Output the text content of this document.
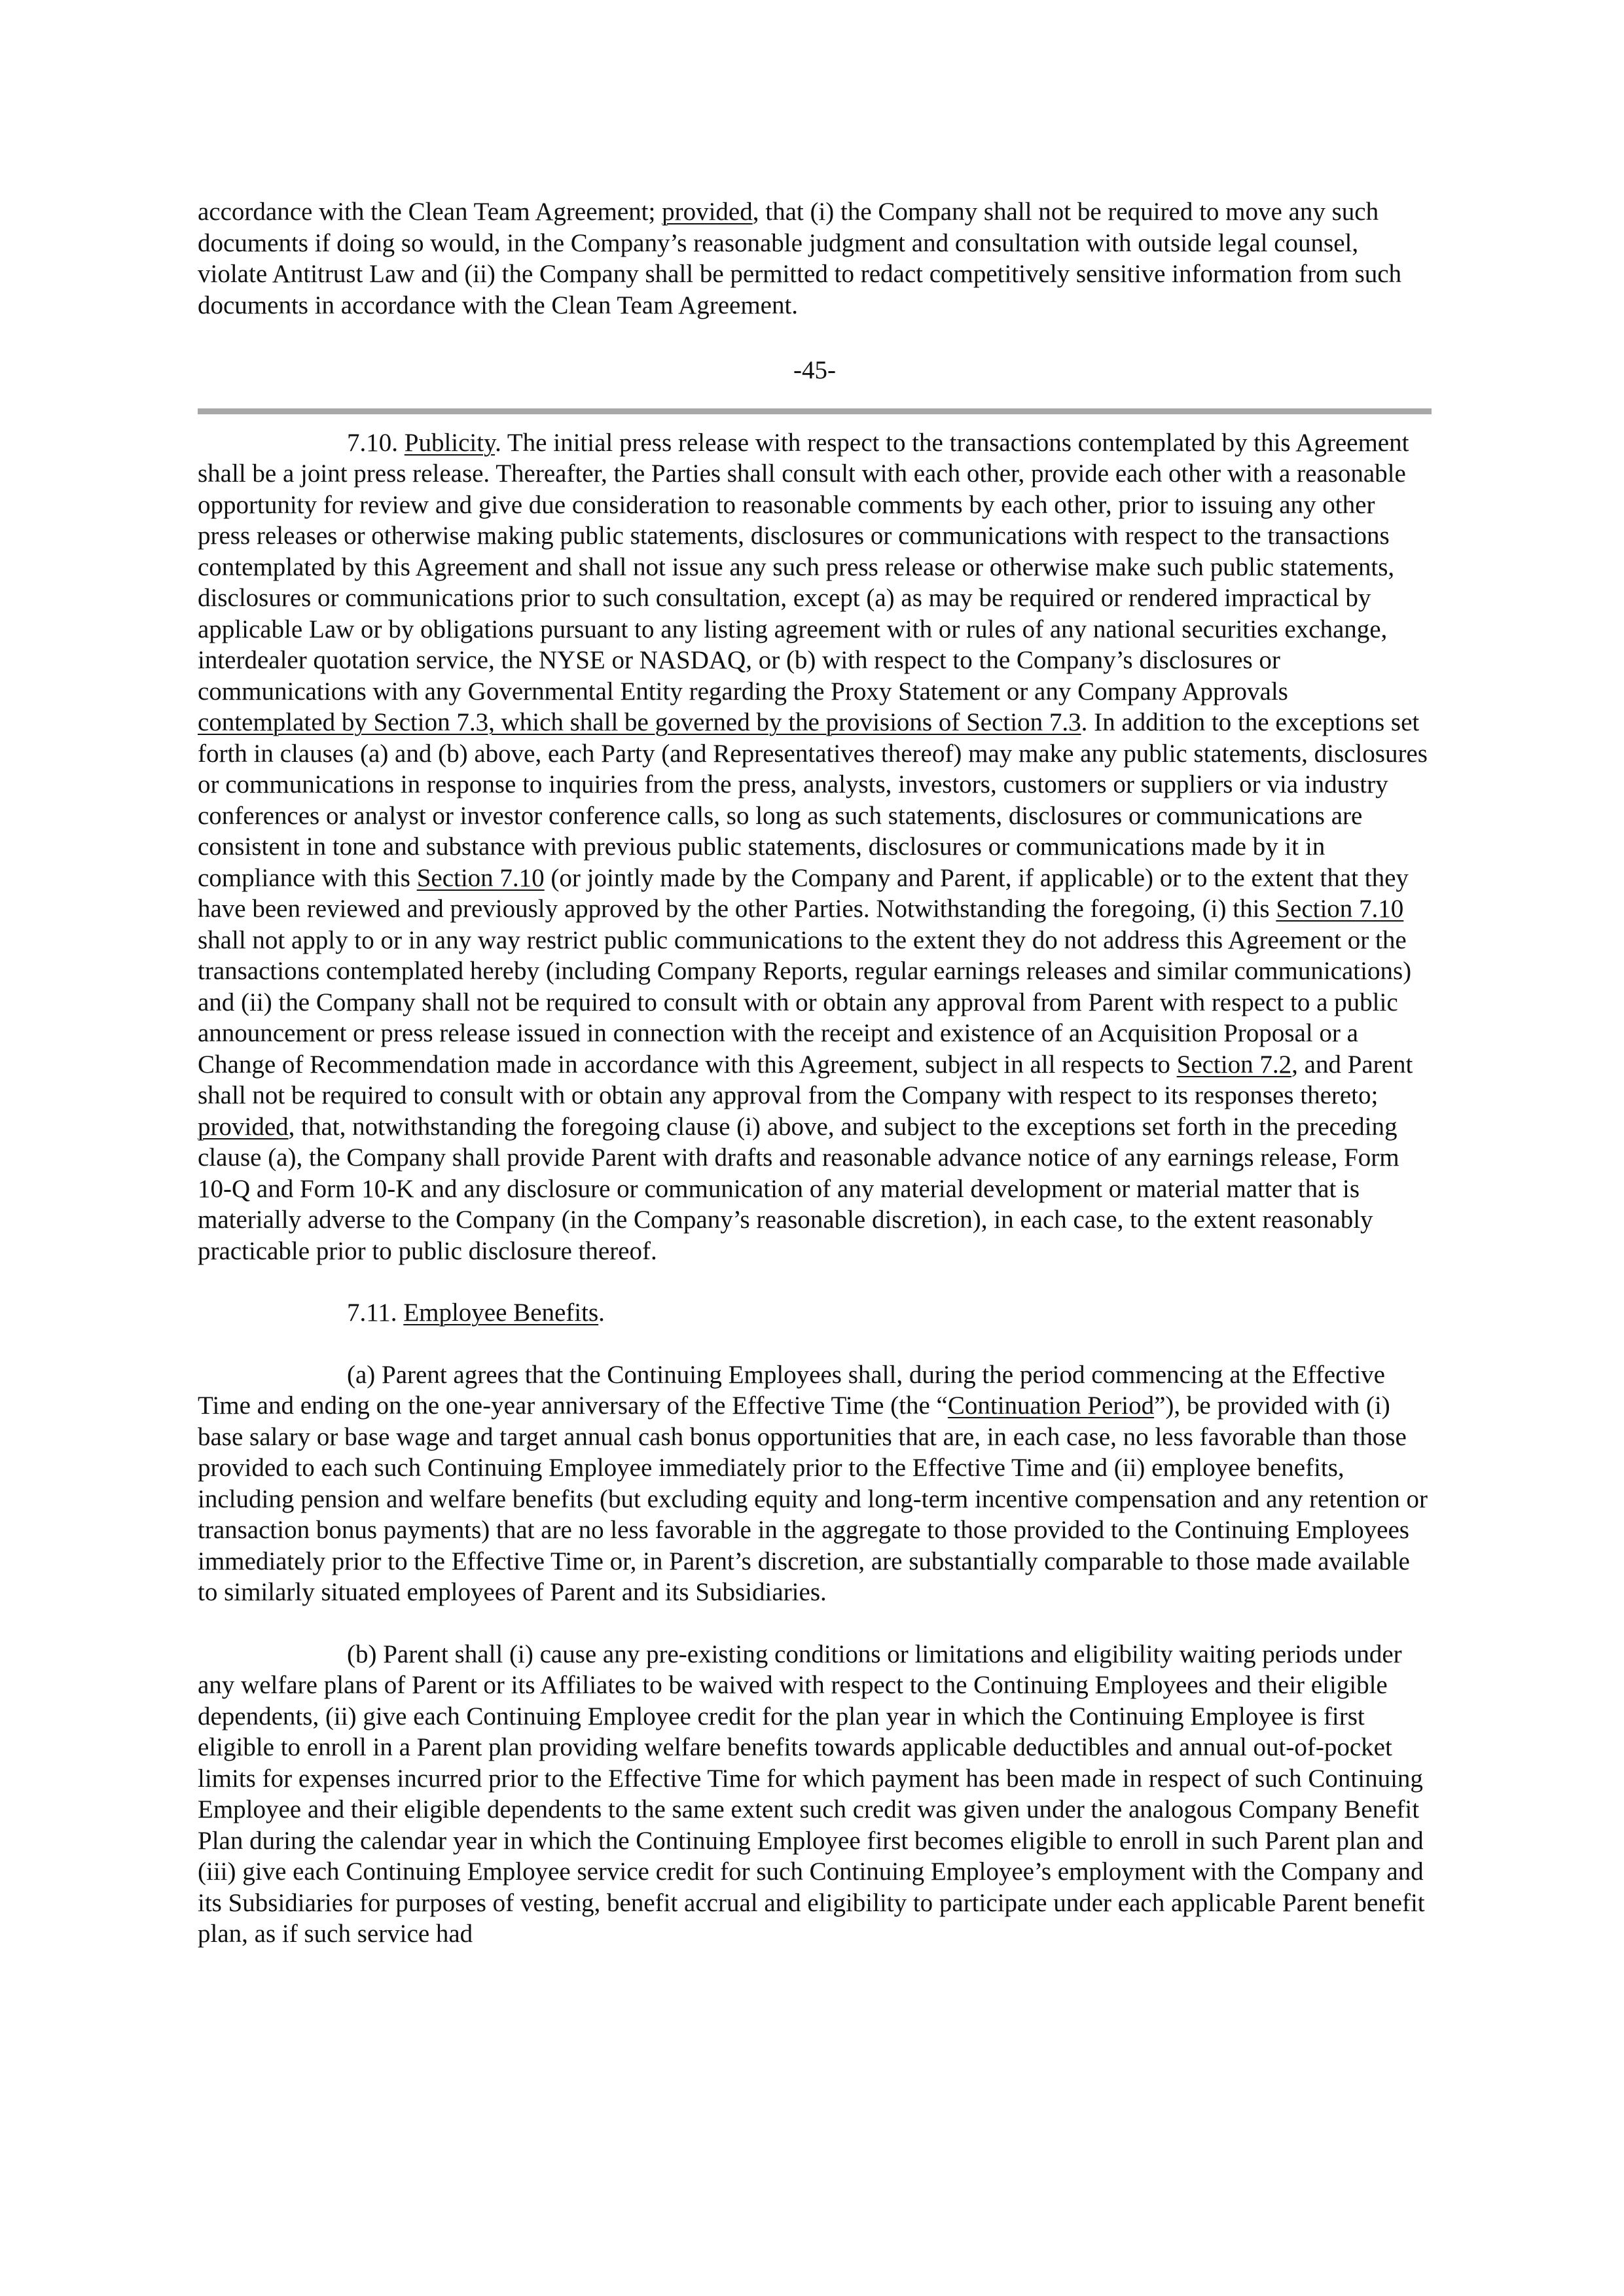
accordance with the Clean Team Agreement; provided, that (i) the Company shall not be required to move any such documents if doing so would, in the Company’s reasonable judgment and consultation with outside legal counsel, violate Antitrust Law and (ii) the Company shall be permitted to redact competitively sensitive information from such documents in accordance with the Clean Team Agreement.

-45-

7.10. Publicity. The initial press release with respect to the transactions contemplated by this Agreement shall be a joint press release. Thereafter, the Parties shall consult with each other, provide each other with a reasonable opportunity for review and give due consideration to reasonable comments by each other, prior to issuing any other press releases or otherwise making public statements, disclosures or communications with respect to the transactions contemplated by this Agreement and shall not issue any such press release or otherwise make such public statements, disclosures or communications prior to such consultation, except (a) as may be required or rendered impractical by applicable Law or by obligations pursuant to any listing agreement with or rules of any national securities exchange, interdealer quotation service, the NYSE or NASDAQ, or (b) with respect to the Company’s disclosures or communications with any Governmental Entity regarding the Proxy Statement or any Company Approvals contemplated by Section 7.3, which shall be governed by the provisions of Section 7.3. In addition to the exceptions set forth in clauses (a) and (b) above, each Party (and Representatives thereof) may make any public statements, disclosures or communications in response to inquiries from the press, analysts, investors, customers or suppliers or via industry conferences or analyst or investor conference calls, so long as such statements, disclosures or communications are consistent in tone and substance with previous public statements, disclosures or communications made by it in compliance with this Section 7.10 (or jointly made by the Company and Parent, if applicable) or to the extent that they have been reviewed and previously approved by the other Parties. Notwithstanding the foregoing, (i) this Section 7.10 shall not apply to or in any way restrict public communications to the extent they do not address this Agreement or the transactions contemplated hereby (including Company Reports, regular earnings releases and similar communications) and (ii) the Company shall not be required to consult with or obtain any approval from Parent with respect to a public announcement or press release issued in connection with the receipt and existence of an Acquisition Proposal or a Change of Recommendation made in accordance with this Agreement, subject in all respects to Section 7.2, and Parent shall not be required to consult with or obtain any approval from the Company with respect to its responses thereto; provided, that, notwithstanding the foregoing clause (i) above, and subject to the exceptions set forth in the preceding clause (a), the Company shall provide Parent with drafts and reasonable advance notice of any earnings release, Form 10-Q and Form 10-K and any disclosure or communication of any material development or material matter that is materially adverse to the Company (in the Company’s reasonable discretion), in each case, to the extent reasonably practicable prior to public disclosure thereof.

7.11. Employee Benefits.

(a) Parent agrees that the Continuing Employees shall, during the period commencing at the Effective Time and ending on the one-year anniversary of the Effective Time (the “Continuation Period”), be provided with (i) base salary or base wage and target annual cash bonus opportunities that are, in each case, no less favorable than those provided to each such Continuing Employee immediately prior to the Effective Time and (ii) employee benefits, including pension and welfare benefits (but excluding equity and long-term incentive compensation and any retention or transaction bonus payments) that are no less favorable in the aggregate to those provided to the Continuing Employees immediately prior to the Effective Time or, in Parent’s discretion, are substantially comparable to those made available to similarly situated employees of Parent and its Subsidiaries.

(b) Parent shall (i) cause any pre-existing conditions or limitations and eligibility waiting periods under any welfare plans of Parent or its Affiliates to be waived with respect to the Continuing Employees and their eligible dependents, (ii) give each Continuing Employee credit for the plan year in which the Continuing Employee is first eligible to enroll in a Parent plan providing welfare benefits towards applicable deductibles and annual out-of-pocket limits for expenses incurred prior to the Effective Time for which payment has been made in respect of such Continuing Employee and their eligible dependents to the same extent such credit was given under the analogous Company Benefit Plan during the calendar year in which the Continuing Employee first becomes eligible to enroll in such Parent plan and (iii) give each Continuing Employee service credit for such Continuing Employee’s employment with the Company and its Subsidiaries for purposes of vesting, benefit accrual and eligibility to participate under each applicable Parent benefit plan, as if such service had
